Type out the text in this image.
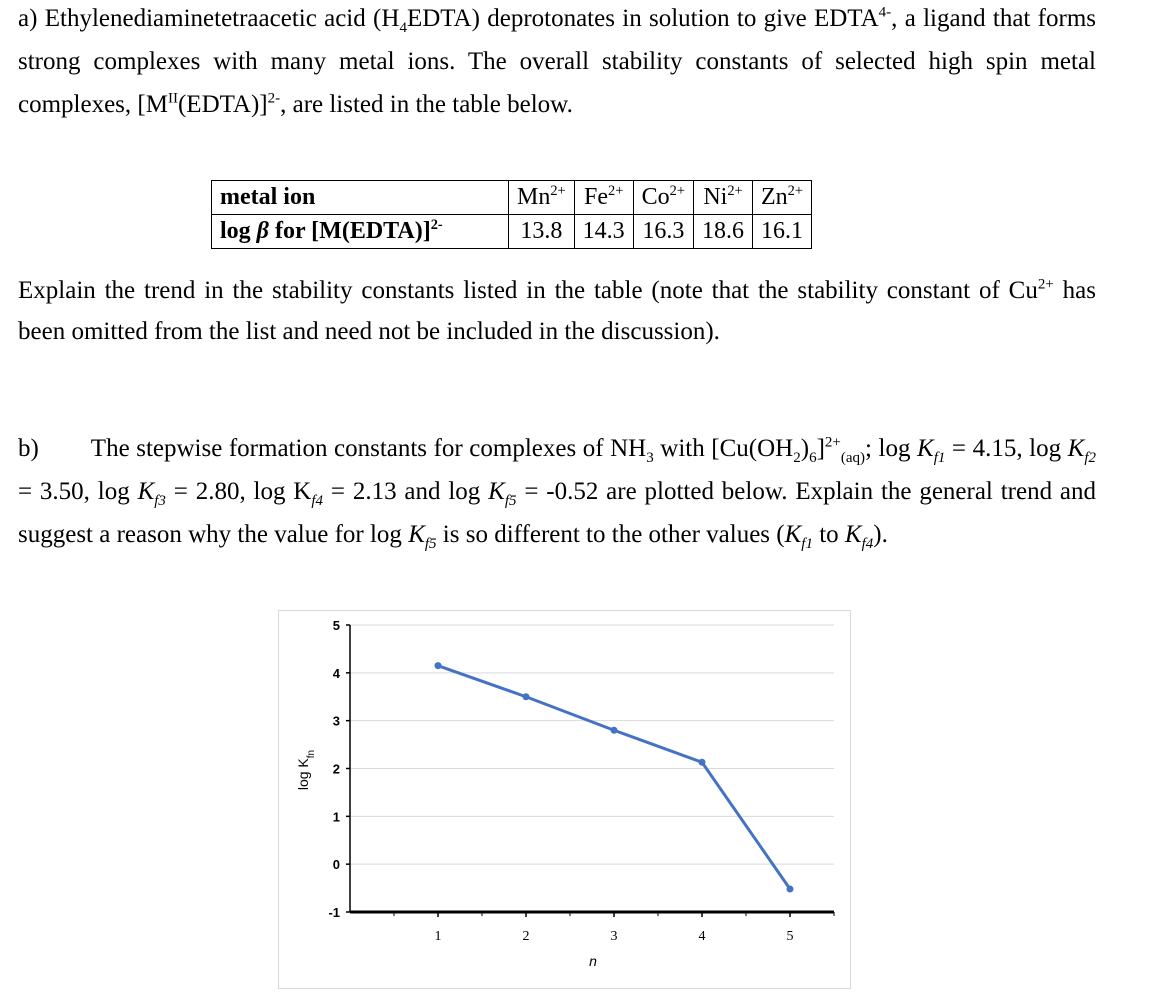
a) Ethylenediaminetetraacetic acid $(H_4EDTA)$ deprotonates in solution to give $EDTA^{4-}$, a ligand that forms strong complexes with many metal ions. The overall stability constants of selected high spin metal complexes, $[M^{II}(EDTA)]^{2-}$, are listed in the table below.

metal ion	$Mn^{2+}$	$Fe^{2+}$	$Co^{2+}$	$Ni^{2+}$	$Zn^{2+}$
log β for [M(EDTA)]$^{2-}$	13.8	14.3	16.3	18.6	16.1

Explain the trend in the stability constants listed in the table (note that the stability constant of $Cu^{2+}$ has been omitted from the list and need not be included in the discussion).

b) The stepwise formation constants for complexes of $NH_3$ with $[Cu(OH_2)_6]^{2+}_{(aq)}$; $\log K_{f1} = 4.15$, $\log K_{f2} = 3.50$, $\log K_{f3} = 2.80$, $\log K_{f4} = 2.13$ and $\log K_{f5} = -0.52$ are plotted below. Explain the general trend and suggest a reason why the value for $\log K_{f5}$ is so different to the other values ($K_{f1}$ to $K_{f4}$).

-1
0
1
2
3
4
5
1	2	3	4	5
$\log K_{fn}$
n
